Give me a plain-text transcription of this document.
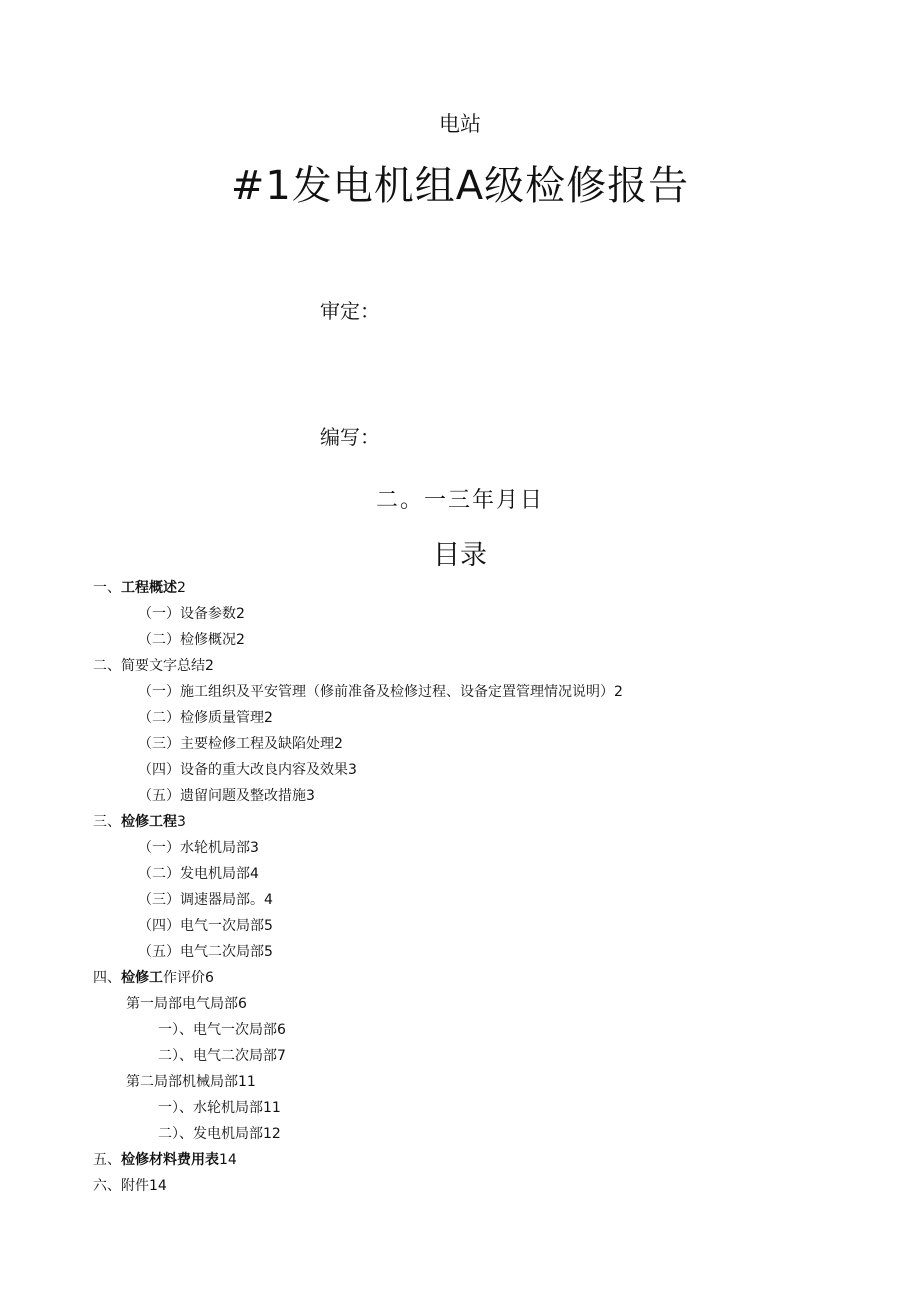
电站
#1发电机组A级检修报告
审定：
编写：
二。一三年月日
目录
一、工程概述2
（一）设备参数2
（二）检修概况2
二、简要文字总结2
（一）施工组织及平安管理（修前准备及检修过程、设备定置管理情况说明）2
（二）检修质量管理2
（三）主要检修工程及缺陷处理2
（四）设备的重大改良内容及效果3
（五）遗留问题及整改措施3
三、检修工程3
（一）水轮机局部3
（二）发电机局部4
（三）调速器局部。4
（四）电气一次局部5
（五）电气二次局部5
四、检修工作评价6
第一局部电气局部6
一）、电气一次局部6
二）、电气二次局部7
第二局部机械局部11
一）、水轮机局部11
二）、发电机局部12
五、检修材料费用表14
六、附件14
